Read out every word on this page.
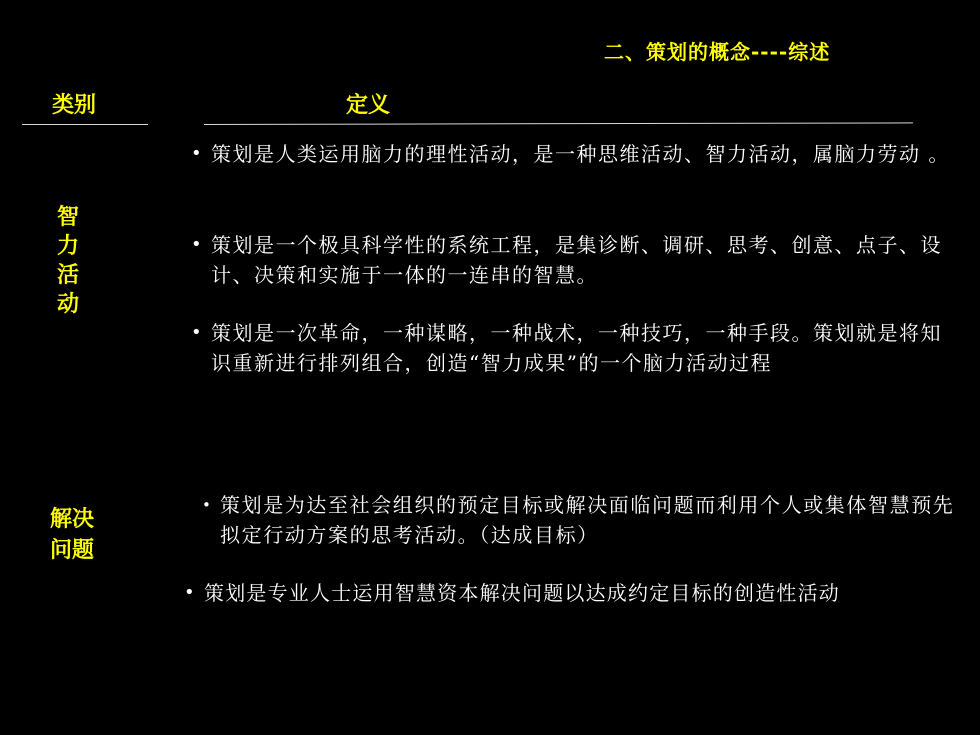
二、策划的概念----综述
类别	定义
智
力
活
动
• 策划是人类运用脑力的理性活动，是一种思维活动、智力活动，属脑力劳动 。
• 策划是一个极具科学性的系统工程，是集诊断、调研、思考、创意、点子、设计、决策和实施于一体的一连串的智慧。
• 策划是一次革命，一种谋略，一种战术，一种技巧，一种手段。策划就是将知识重新进行排列组合，创造“智力成果”的一个脑力活动过程
解决
问题
• 策划是为达至社会组织的预定目标或解决面临问题而利用个人或集体智慧预先拟定行动方案的思考活动。（达成目标）
• 策划是专业人士运用智慧资本解决问题以达成约定目标的创造性活动
